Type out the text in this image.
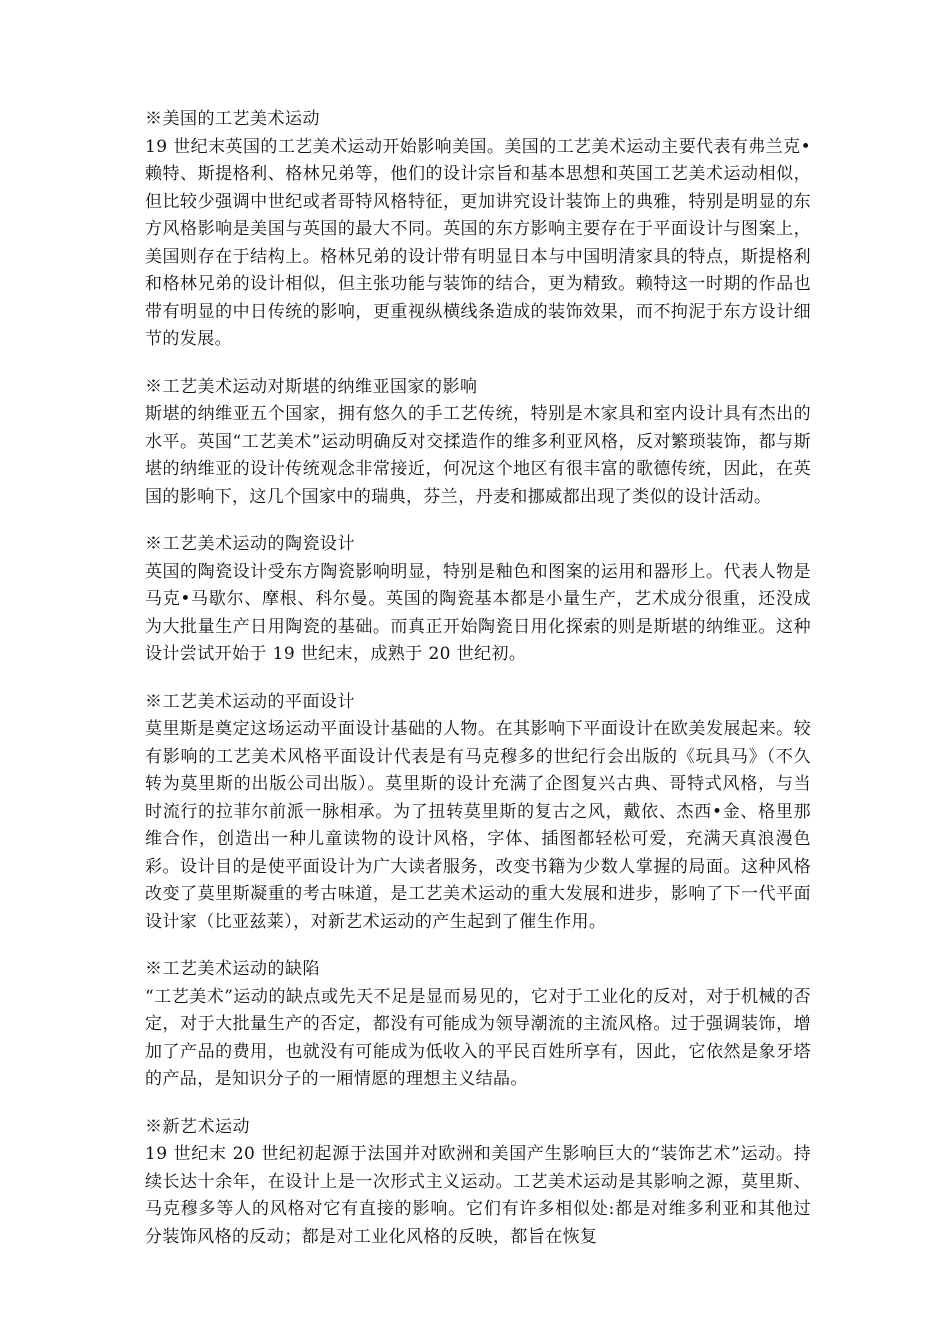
※美国的工艺美术运动

19 世纪末英国的工艺美术运动开始影响美国。美国的工艺美术运动主要代表有弗兰克•赖特、斯提格利、格林兄弟等，他们的设计宗旨和基本思想和英国工艺美术运动相似，但比较少强调中世纪或者哥特风格特征，更加讲究设计装饰上的典雅，特别是明显的东方风格影响是美国与英国的最大不同。英国的东方影响主要存在于平面设计与图案上，美国则存在于结构上。格林兄弟的设计带有明显日本与中国明清家具的特点，斯提格利和格林兄弟的设计相似，但主张功能与装饰的结合，更为精致。赖特这一时期的作品也带有明显的中日传统的影响，更重视纵横线条造成的装饰效果，而不拘泥于东方设计细节的发展。

※工艺美术运动对斯堪的纳维亚国家的影响

斯堪的纳维亚五个国家，拥有悠久的手工艺传统，特别是木家具和室内设计具有杰出的水平。英国“工艺美术”运动明确反对交揉造作的维多利亚风格，反对繁琐装饰，都与斯堪的纳维亚的设计传统观念非常接近，何况这个地区有很丰富的歌德传统，因此，在英国的影响下，这几个国家中的瑞典，芬兰，丹麦和挪威都出现了类似的设计活动。

※工艺美术运动的陶瓷设计

英国的陶瓷设计受东方陶瓷影响明显，特别是釉色和图案的运用和器形上。代表人物是马克•马歇尔、摩根、科尔曼。英国的陶瓷基本都是小量生产，艺术成分很重，还没成为大批量生产日用陶瓷的基础。而真正开始陶瓷日用化探索的则是斯堪的纳维亚。这种设计尝试开始于 19 世纪末，成熟于 20 世纪初。

※工艺美术运动的平面设计

莫里斯是奠定这场运动平面设计基础的人物。在其影响下平面设计在欧美发展起来。较有影响的工艺美术风格平面设计代表是有马克穆多的世纪行会出版的《玩具马》（不久转为莫里斯的出版公司出版）。莫里斯的设计充满了企图复兴古典、哥特式风格，与当时流行的拉菲尔前派一脉相承。为了扭转莫里斯的复古之风，戴依、杰西•金、格里那维合作，创造出一种儿童读物的设计风格，字体、插图都轻松可爱，充满天真浪漫色彩。设计目的是使平面设计为广大读者服务，改变书籍为少数人掌握的局面。这种风格改变了莫里斯凝重的考古味道，是工艺美术运动的重大发展和进步，影响了下一代平面设计家（比亚兹莱），对新艺术运动的产生起到了催生作用。

※工艺美术运动的缺陷

“工艺美术”运动的缺点或先天不足是显而易见的，它对于工业化的反对，对于机械的否定，对于大批量生产的否定，都没有可能成为领导潮流的主流风格。过于强调装饰，增加了产品的费用，也就没有可能成为低收入的平民百姓所享有，因此，它依然是象牙塔的产品，是知识分子的一厢情愿的理想主义结晶。

※新艺术运动

19 世纪末 20 世纪初起源于法国并对欧洲和美国产生影响巨大的“装饰艺术”运动。持续长达十余年，在设计上是一次形式主义运动。工艺美术运动是其影响之源，莫里斯、马克穆多等人的风格对它有直接的影响。它们有许多相似处:都是对维多利亚和其他过分装饰风格的反动；都是对工业化风格的反映，都旨在恢复
